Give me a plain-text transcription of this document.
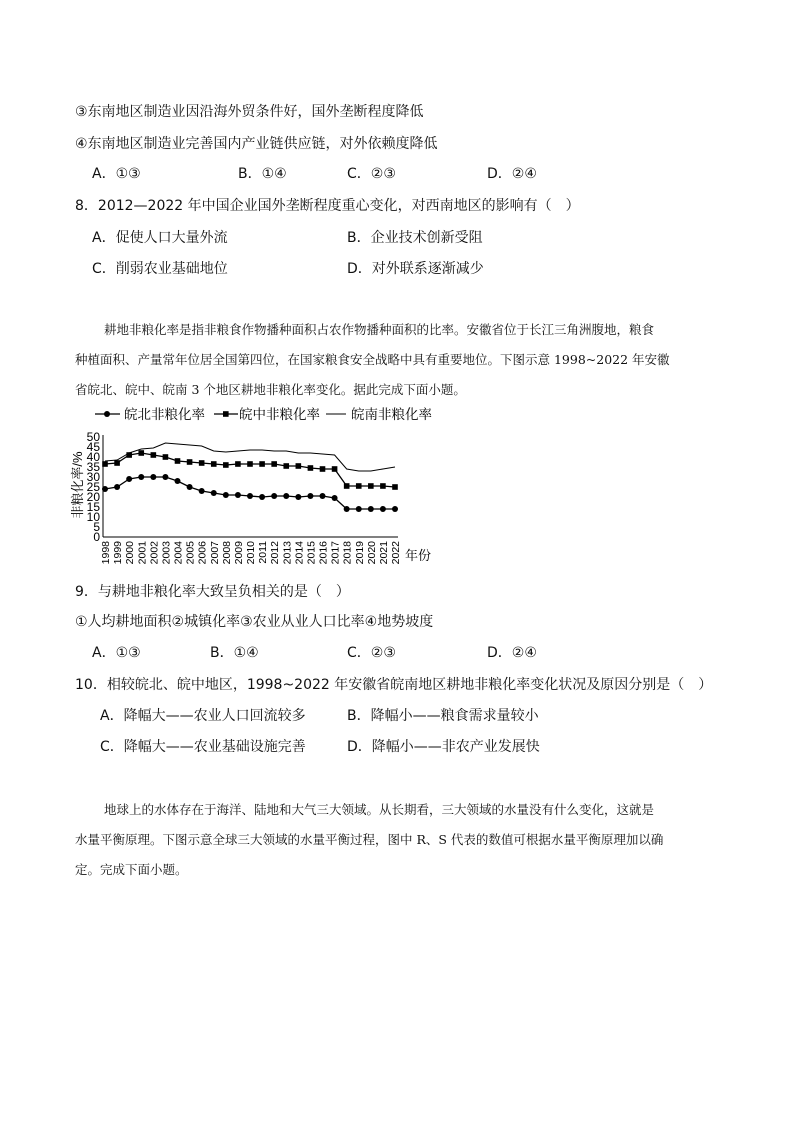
③东南地区制造业因沿海外贸条件好，国外垄断程度降低
④东南地区制造业完善国内产业链供应链，对外依赖度降低
A．①③	B．①④	C．②③	D．②④
8．2012—2022 年中国企业国外垄断程度重心变化，对西南地区的影响有（　）
A．促使人口大量外流	B．企业技术创新受阻
C．削弱农业基础地位	D．对外联系逐渐减少
耕地非粮化率是指非粮食作物播种面积占农作物播种面积的比率。安徽省位于长江三角洲腹地，粮食
种植面积、产量常年位居全国第四位，在国家粮食安全战略中具有重要地位。下图示意 1998~2022 年安徽
省皖北、皖中、皖南 3 个地区耕地非粮化率变化。据此完成下面小题。
0
5
10
15
20
25
30
35
40
45
50
非粮化率/%
1998 1999 2000 2001 2002 2003 2004 2005 2006 2007 2008 2009 2010 2011 2012 2013 2014 2015 2016 2017 2018 2019 2020 2021 2022 年份
皖北非粮化率	皖中非粮化率 皖南非粮化率
9．与耕地非粮化率大致呈负相关的是（　）
①人均耕地面积②城镇化率③农业从业人口比率④地势坡度
A．①③	B．①④	C．②③	D．②④
10．相较皖北、皖中地区，1998~2022 年安徽省皖南地区耕地非粮化率变化状况及原因分别是（　）
A．降幅大——农业人口回流较多	B．降幅小——粮食需求量较小
C．降幅大——农业基础设施完善	D．降幅小——非农产业发展快
地球上的水体存在于海洋、陆地和大气三大领域。从长期看，三大领域的水量没有什么变化，这就是
水量平衡原理。下图示意全球三大领域的水量平衡过程，图中 R、S 代表的数值可根据水量平衡原理加以确
定。完成下面小题。
